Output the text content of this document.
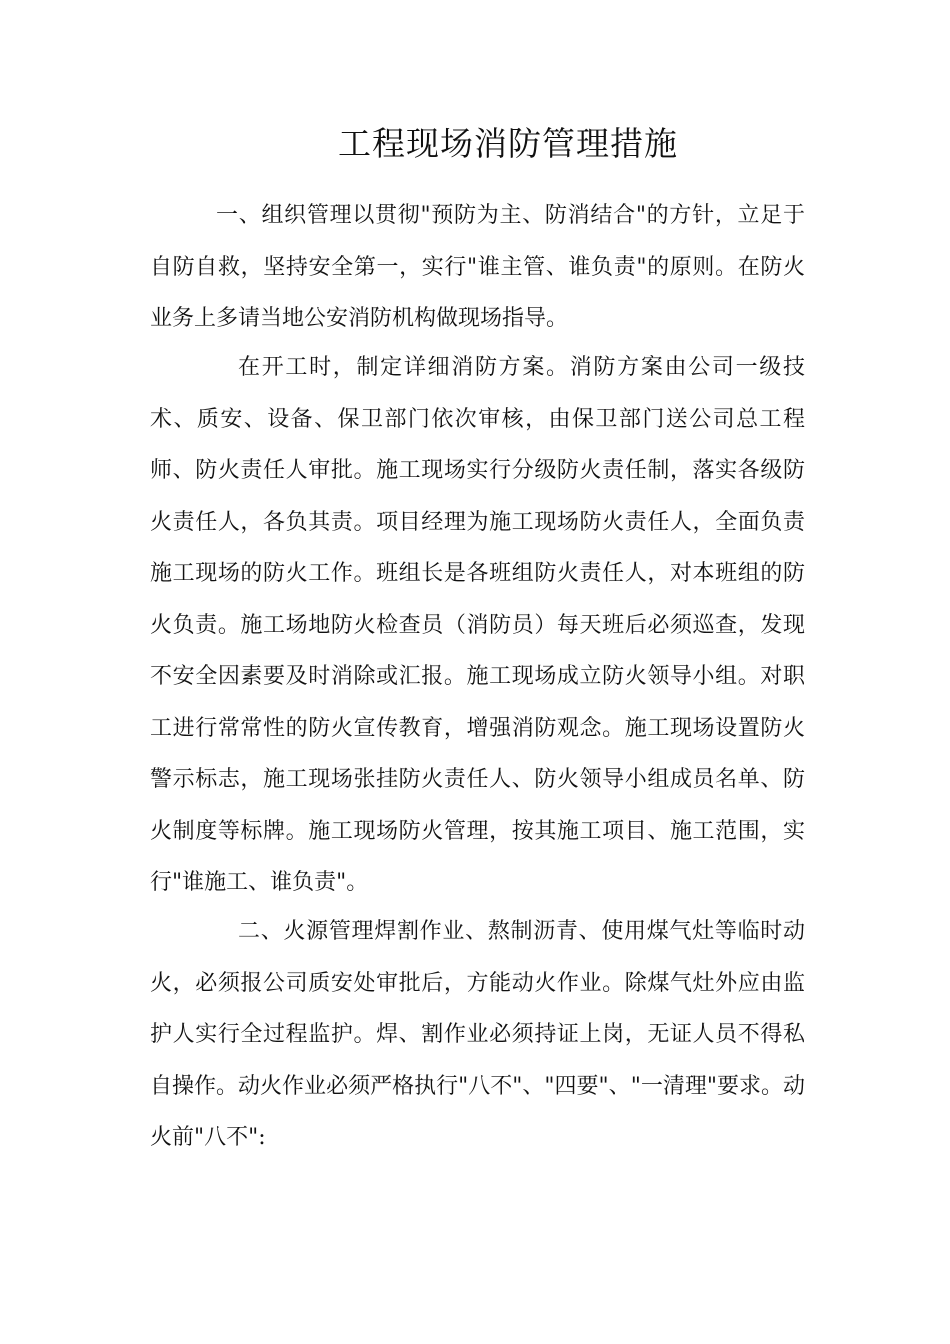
工程现场消防管理措施

一、组织管理以贯彻"预防为主、防消结合"的方针，立足于自防自救，坚持安全第一，实行"谁主管、谁负责"的原则。在防火业务上多请当地公安消防机构做现场指导。

在开工时，制定详细消防方案。消防方案由公司一级技术、质安、设备、保卫部门依次审核，由保卫部门送公司总工程师、防火责任人审批。施工现场实行分级防火责任制，落实各级防火责任人，各负其责。项目经理为施工现场防火责任人，全面负责施工现场的防火工作。班组长是各班组防火责任人，对本班组的防火负责。施工场地防火检查员（消防员）每天班后必须巡查，发现不安全因素要及时消除或汇报。施工现场成立防火领导小组。对职工进行常常性的防火宣传教育，增强消防观念。施工现场设置防火警示标志，施工现场张挂防火责任人、防火领导小组成员名单、防火制度等标牌。施工现场防火管理，按其施工项目、施工范围，实行"谁施工、谁负责"。

二、火源管理焊割作业、熬制沥青、使用煤气灶等临时动火，必须报公司质安处审批后，方能动火作业。除煤气灶外应由监护人实行全过程监护。焊、割作业必须持证上岗，无证人员不得私自操作。动火作业必须严格执行"八不"、"四要"、"一清理"要求。动火前"八不":
